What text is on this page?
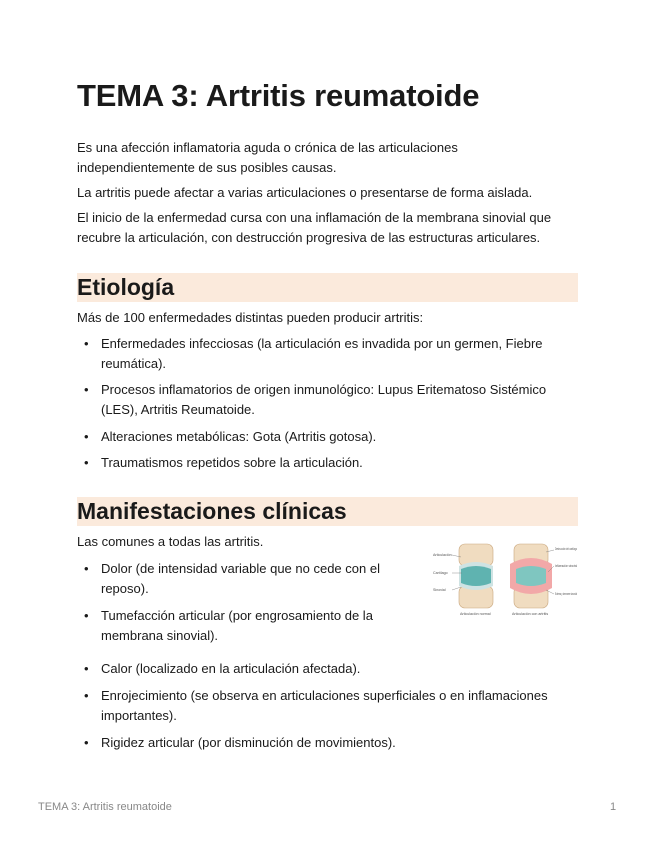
TEMA 3: Artritis reumatoide

Es una afección inflamatoria aguda o crónica de las articulaciones independientemente de sus posibles causas.

La artritis puede afectar a varias articulaciones o presentarse de forma aislada.

El inicio de la enfermedad cursa con una inflamación de la membrana sinovial que recubre la articulación, con destrucción progresiva de las estructuras articulares.

Etiología

Más de 100 enfermedades distintas pueden producir artritis:

• Enfermedades infecciosas (la articulación es invadida por un germen, Fiebre reumática).
• Procesos inflamatorios de origen inmunológico: Lupus Eritematoso Sistémico (LES), Artritis Reumatoide.
• Alteraciones metabólicas: Gota (Artritis gotosa).
• Traumatismos repetidos sobre la articulación.
Manifestaciones clínicas

Las comunes a todas las artritis.

• Dolor (de intensidad variable que no cede con el reposo).
• Tumefacción articular (por engrosamiento de la membrana sinovial).
• Calor (localizado en la articulación afectada).
• Enrojecimiento (se observa en articulaciones superficiales o en inflamaciones importantes).
• Rigidez articular (por disminución de movimientos).
Articulación
Cartílago
Sinovial
Destrucción del cartílago
Inflamación sinovial
Edema y derrame sinovial
Articulación normal	Articulación con artritis
TEMA 3: Artritis reumatoide	1
